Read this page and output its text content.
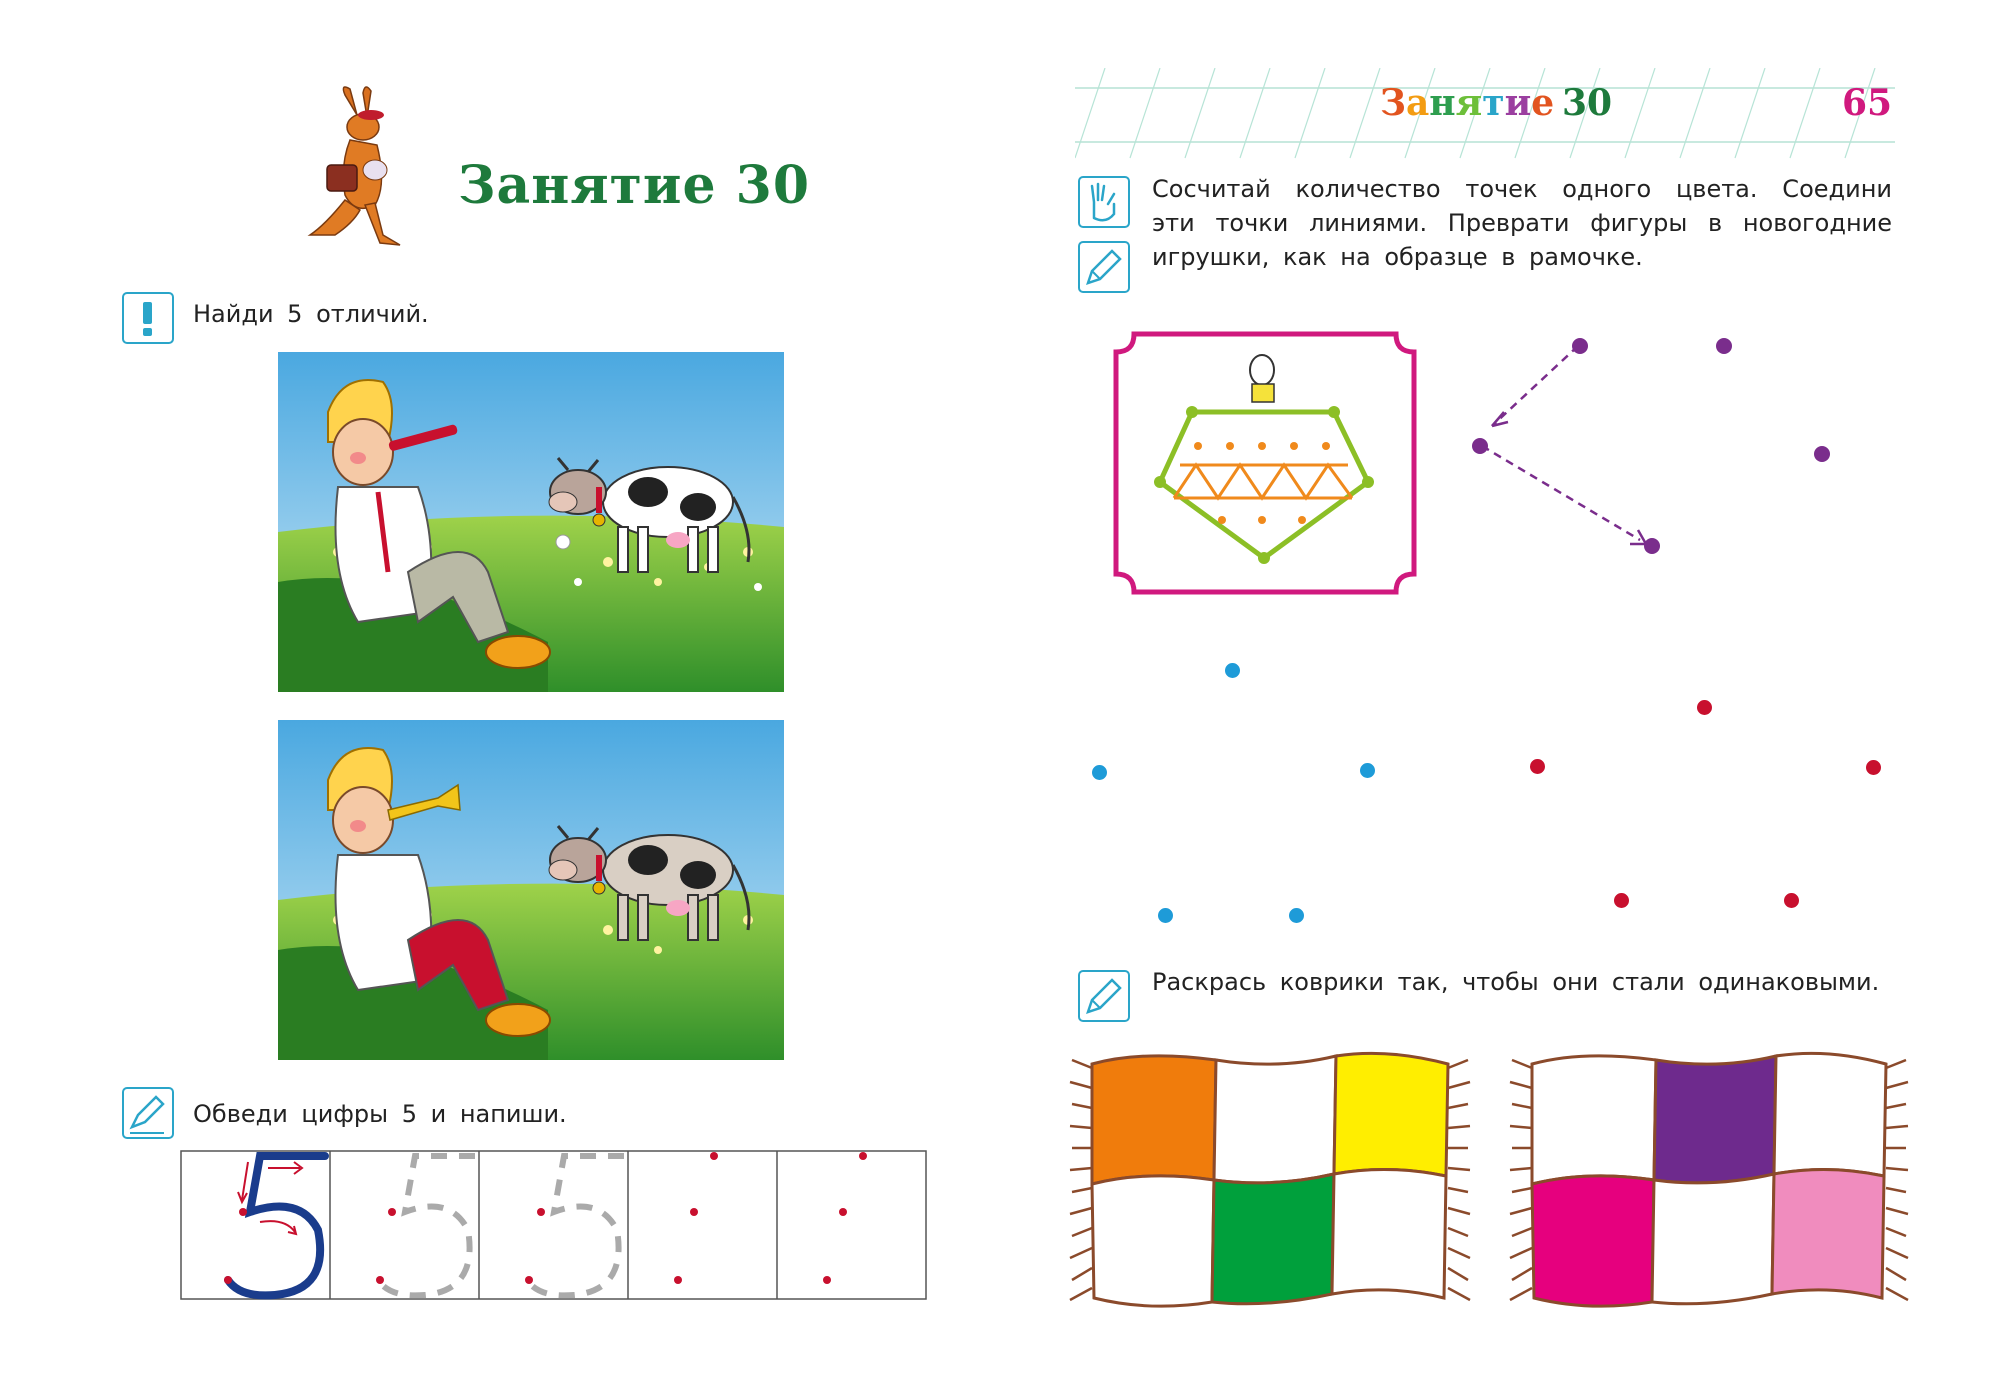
Занятие 30
Найди 5 отличий.
Обведи цифры 5 и напиши.
Занятие 30	65
Сосчитай количество точек одного цвета. Соедини эти точки линиями. Преврати фигуры в новогодние игрушки, как на образце в рамочке.
Раскрась коврики так, чтобы они стали одинаковыми.
